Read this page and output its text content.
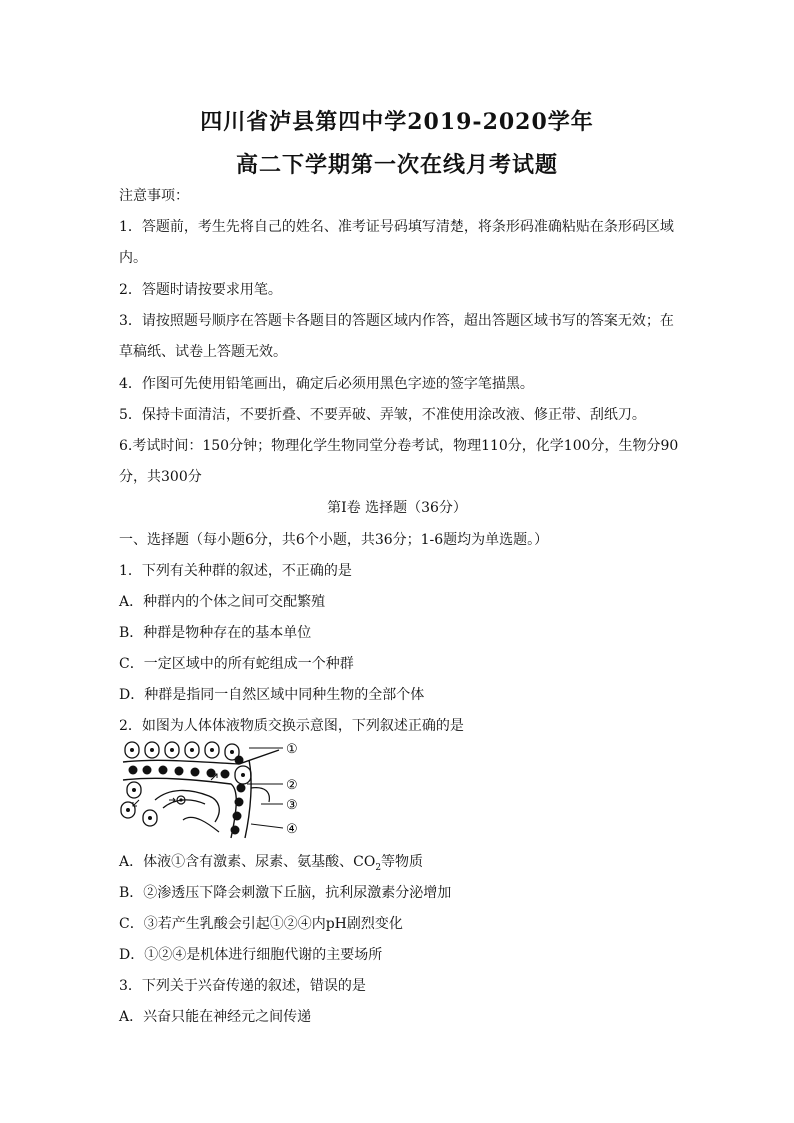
四川省泸县第四中学2019-2020学年
高二下学期第一次在线月考试题
注意事项：
1．答题前，考生先将自己的姓名、准考证号码填写清楚，将条形码准确粘贴在条形码区域
内。
2．答题时请按要求用笔。
3．请按照题号顺序在答题卡各题目的答题区域内作答，超出答题区域书写的答案无效；在
草稿纸、试卷上答题无效。
4．作图可先使用铅笔画出，确定后必须用黑色字迹的签字笔描黑。
5．保持卡面清洁，不要折叠、不要弄破、弄皱，不准使用涂改液、修正带、刮纸刀。
6.考试时间：150分钟；物理化学生物同堂分卷考试，物理110分，化学100分，生物分90
分，共300分
第Ⅰ卷 选择题（36分）
一、选择题（每小题6分，共6个小题，共36分；1-6题均为单选题。）
1．下列有关种群的叙述，不正确的是
A．种群内的个体之间可交配繁殖
B．种群是物种存在的基本单位
C．一定区域中的所有蛇组成一个种群
D．种群是指同一自然区域中同种生物的全部个体
2．如图为人体体液物质交换示意图，下列叙述正确的是
①
②
③
④
A．体液①含有激素、尿素、氨基酸、$CO_2$等物质
B．②渗透压下降会刺激下丘脑，抗利尿激素分泌增加
C．③若产生乳酸会引起①②④内pH剧烈变化
D．①②④是机体进行细胞代谢的主要场所
3．下列关于兴奋传递的叙述，错误的是
A．兴奋只能在神经元之间传递
